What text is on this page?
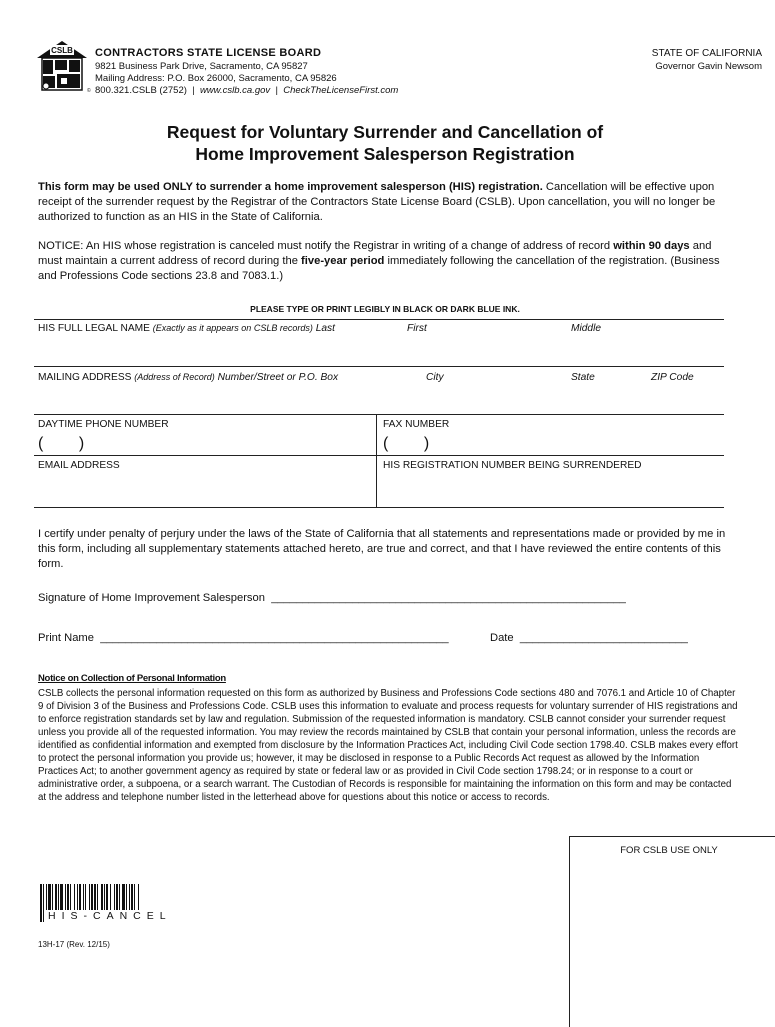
CSLB
©
CONTRACTORS STATE LICENSE BOARD
9821 Business Park Drive, Sacramento, CA 95827
Mailing Address: P.O. Box 26000, Sacramento, CA 95826
800.321.CSLB (2752) | www.cslb.ca.gov | CheckTheLicenseFirst.com
STATE OF CALIFORNIA
Governor Gavin Newsom
Request for Voluntary Surrender and Cancellation of
Home Improvement Salesperson Registration
This form may be used ONLY to surrender a home improvement salesperson (HIS) registration. Cancellation will be effective upon receipt of the surrender request by the Registrar of the Contractors State License Board (CSLB). Upon cancellation, you will no longer be authorized to function as an HIS in the State of California.
NOTICE: An HIS whose registration is canceled must notify the Registrar in writing of a change of address of record within 90 days and must maintain a current address of record during the five-year period immediately following the cancellation of the registration. (Business and Professions Code sections 23.8 and 7083.1.)
PLEASE TYPE OR PRINT LEGIBLY IN BLACK OR DARK BLUE INK.
HIS FULL LEGAL NAME (Exactly as it appears on CSLB records) Last	First	Middle
MAILING ADDRESS (Address of Record) Number/Street or P.O. Box	City	State	ZIP Code
DAYTIME PHONE NUMBER	FAX NUMBER
(        )	(        )
EMAIL ADDRESS	HIS REGISTRATION NUMBER BEING SURRENDERED
I certify under penalty of perjury under the laws of the State of California that all statements and representations made or provided by me in this form, including all supplementary statements attached hereto, are true and correct, and that I have reviewed the entire contents of this form.
Signature of Home Improvement Salesperson _________________________________________________________
Print Name ________________________________________________________	Date ___________________________
Notice on Collection of Personal Information
CSLB collects the personal information requested on this form as authorized by Business and Professions Code sections 480 and 7076.1 and Article 10 of Chapter 9 of Division 3 of the Business and Professions Code. CSLB uses this information to evaluate and process requests for voluntary surrender of HIS registrations and to enforce registration standards set by law and regulation. Submission of the requested information is mandatory. CSLB cannot consider your surrender request unless you provide all of the requested information. You may review the records maintained by CSLB that contain your personal information, unless the records are identified as confidential information and exempted from disclosure by the Information Practices Act, including Civil Code section 1798.40. CSLB makes every effort to protect the personal information you provide us; however, it may be disclosed in response to a Public Records Act request as allowed by the Information Practices Act; to another government agency as required by state or federal law or as provided in Civil Code section 1798.24; or in response to a court or administrative order, a subpoena, or a search warrant. The Custodian of Records is responsible for maintaining the information on this form and may be contacted at the address and telephone number listed in the letterhead above for questions about this notice or access to records.
FOR CSLB USE ONLY
HIS-CANCEL
13H-17 (Rev. 12/15)
